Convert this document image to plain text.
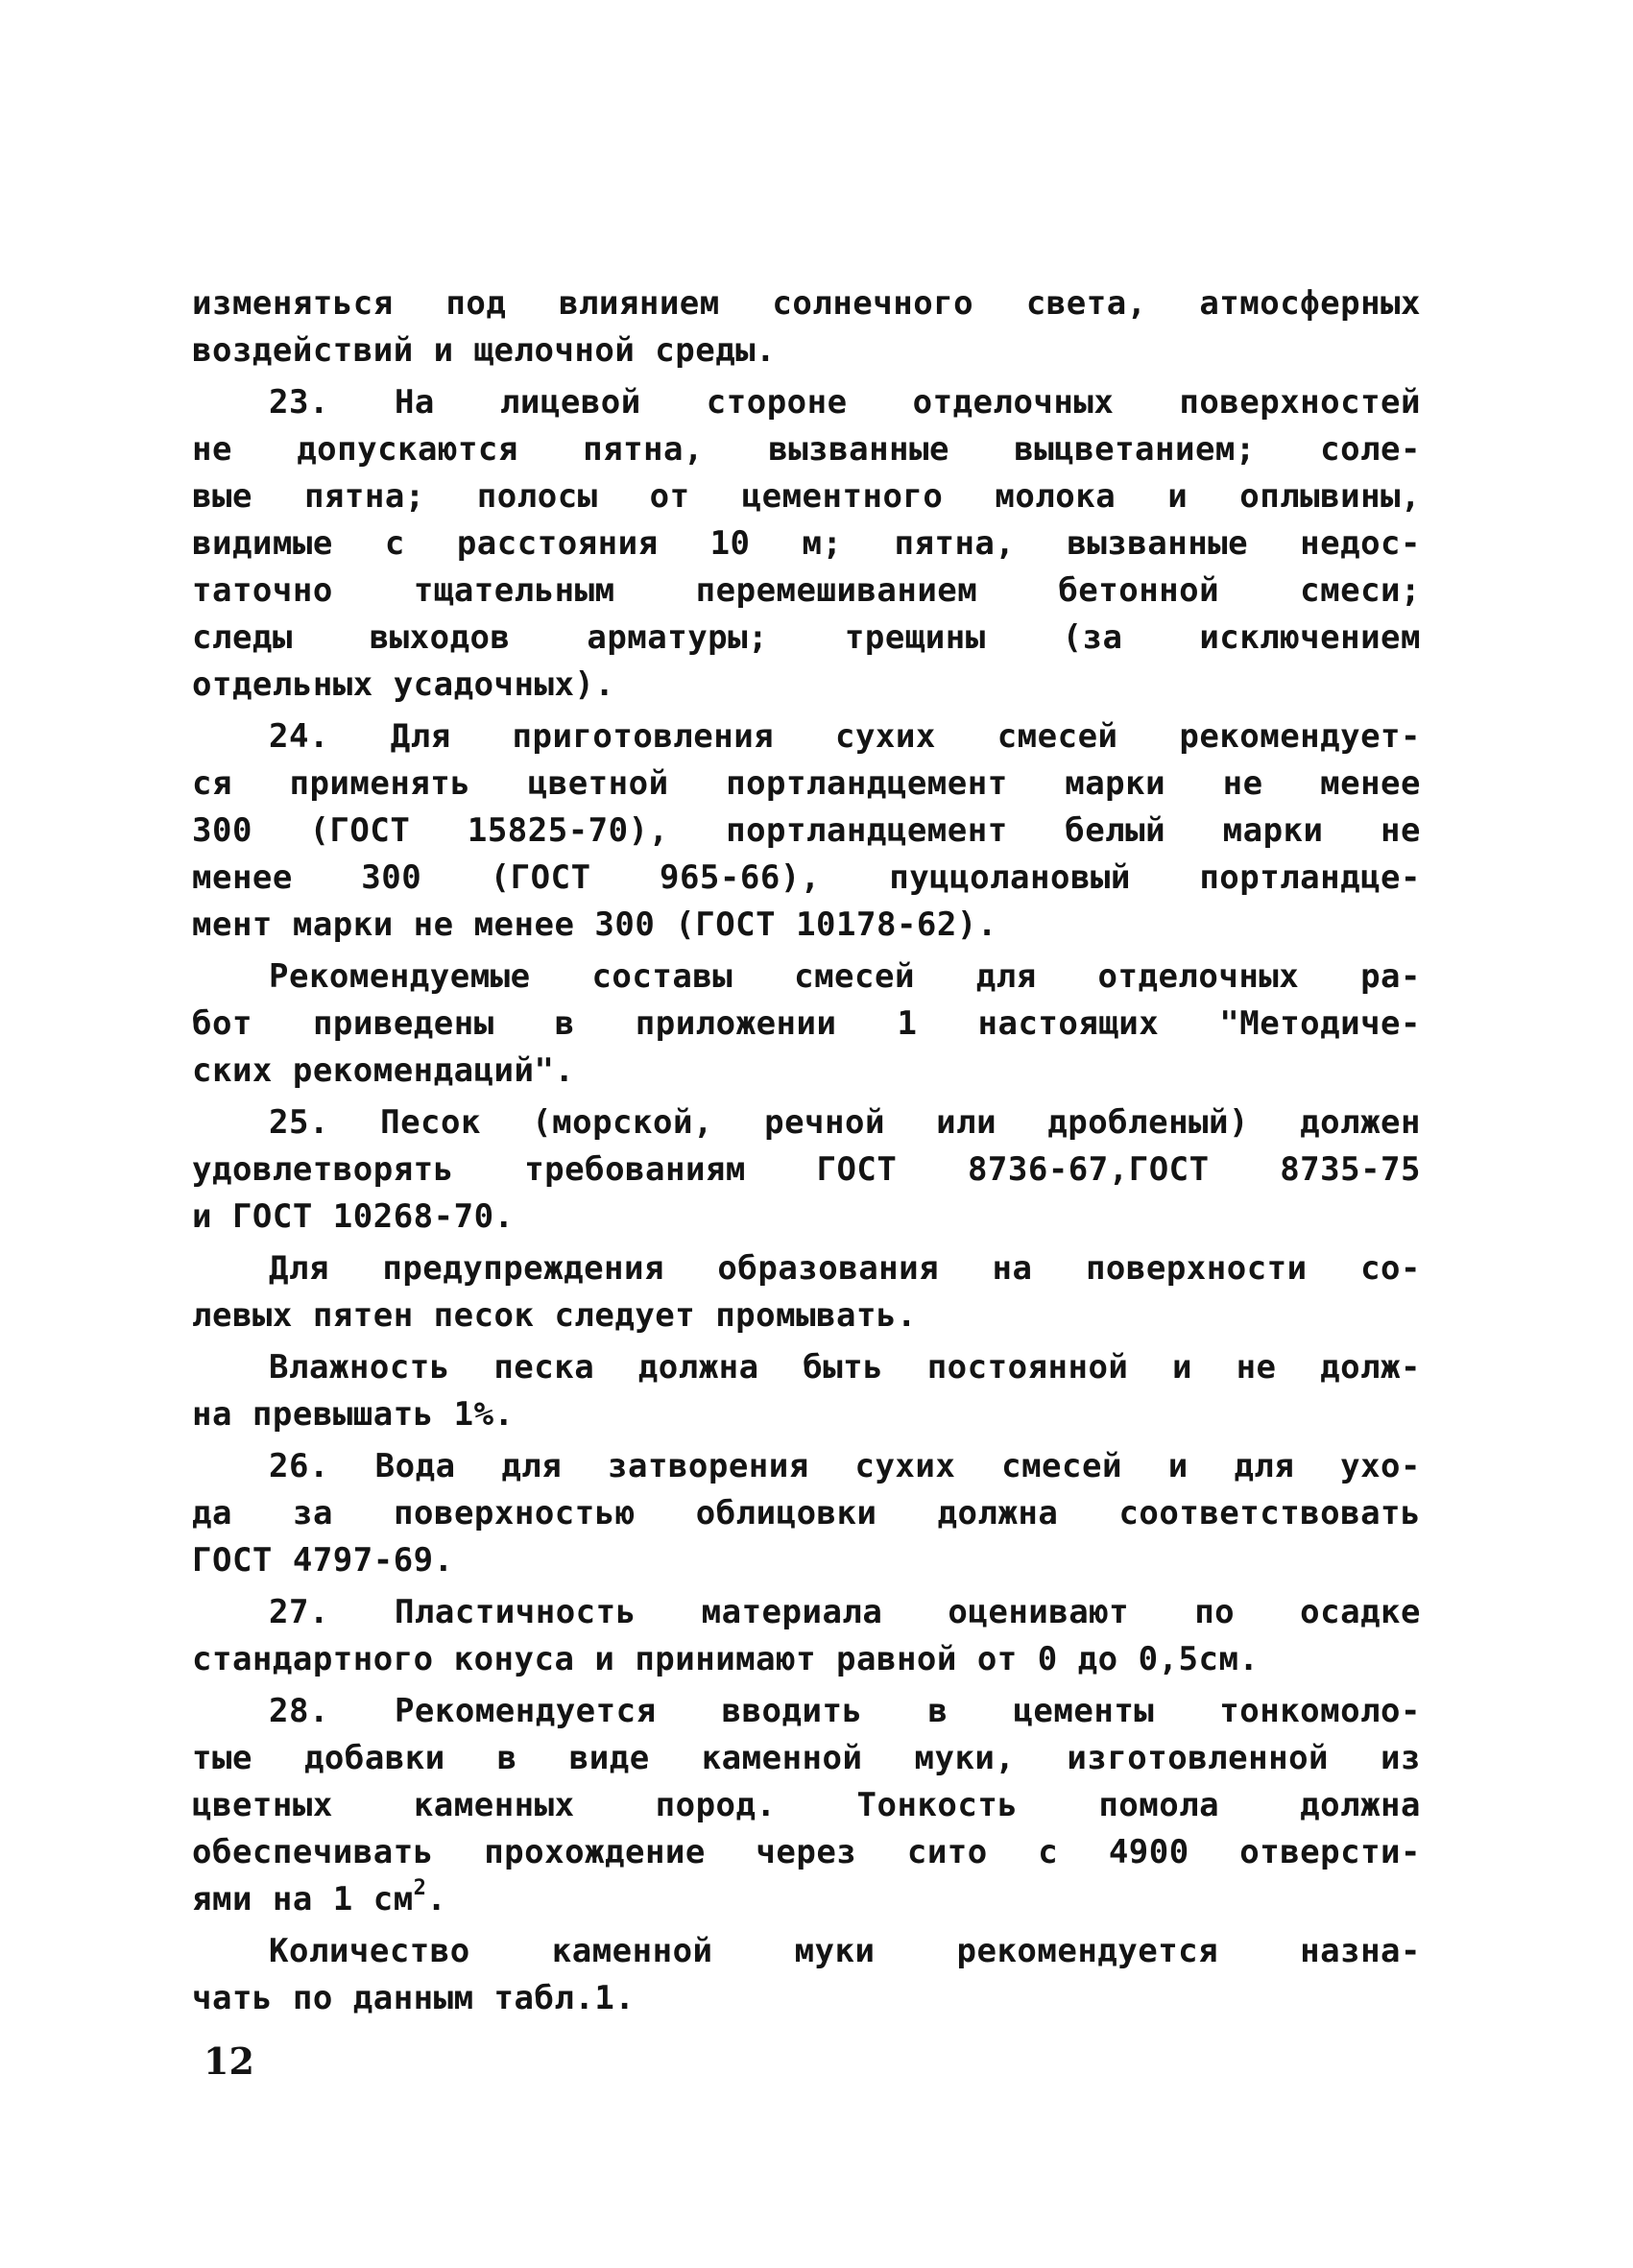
изменяться под влиянием солнечного света, атмосферных
воздействий и щелочной среды.
23. На лицевой стороне отделочных поверхностей
не допускаются пятна, вызванные выцветанием; соле-
вые пятна; полосы от цементного молока и оплывины,
видимые с расстояния 10 м; пятна, вызванные недос-
таточно тщательным перемешиванием бетонной смеси;
следы выходов арматуры; трещины (за исключением
отдельных усадочных).
24. Для приготовления сухих смесей рекомендует-
ся применять цветной портландцемент марки не менее
300 (ГОСТ 15825-70), портландцемент белый марки не
менее 300 (ГОСТ 965-66), пуццолановый портландце-
мент марки не менее 300 (ГОСТ 10178-62).
Рекомендуемые составы смесей для отделочных ра-
бот приведены в приложении 1 настоящих "Методиче-
ских рекомендаций".
25. Песок (морской, речной или дробленый) должен
удовлетворять требованиям ГОСТ 8736-67,ГОСТ 8735-75
и ГОСТ 10268-70.
Для предупреждения образования на поверхности со-
левых пятен песок следует промывать.
Влажность песка должна быть постоянной и не долж-
на превышать 1%.
26. Вода для затворения сухих смесей и для ухо-
да за поверхностью облицовки должна соответствовать
ГОСТ 4797-69.
27. Пластичность материала оценивают по осадке
стандартного конуса и принимают равной от 0 до 0,5см.
28. Рекомендуется вводить в цементы тонкомоло-
тые добавки в виде каменной муки, изготовленной из
цветных каменных пород. Тонкость помола должна
обеспечивать прохождение через сито с 4900 отверсти-
ями на 1 $см^2$.
Количество каменной муки рекомендуется назна-
чать по данным табл.1.
12
